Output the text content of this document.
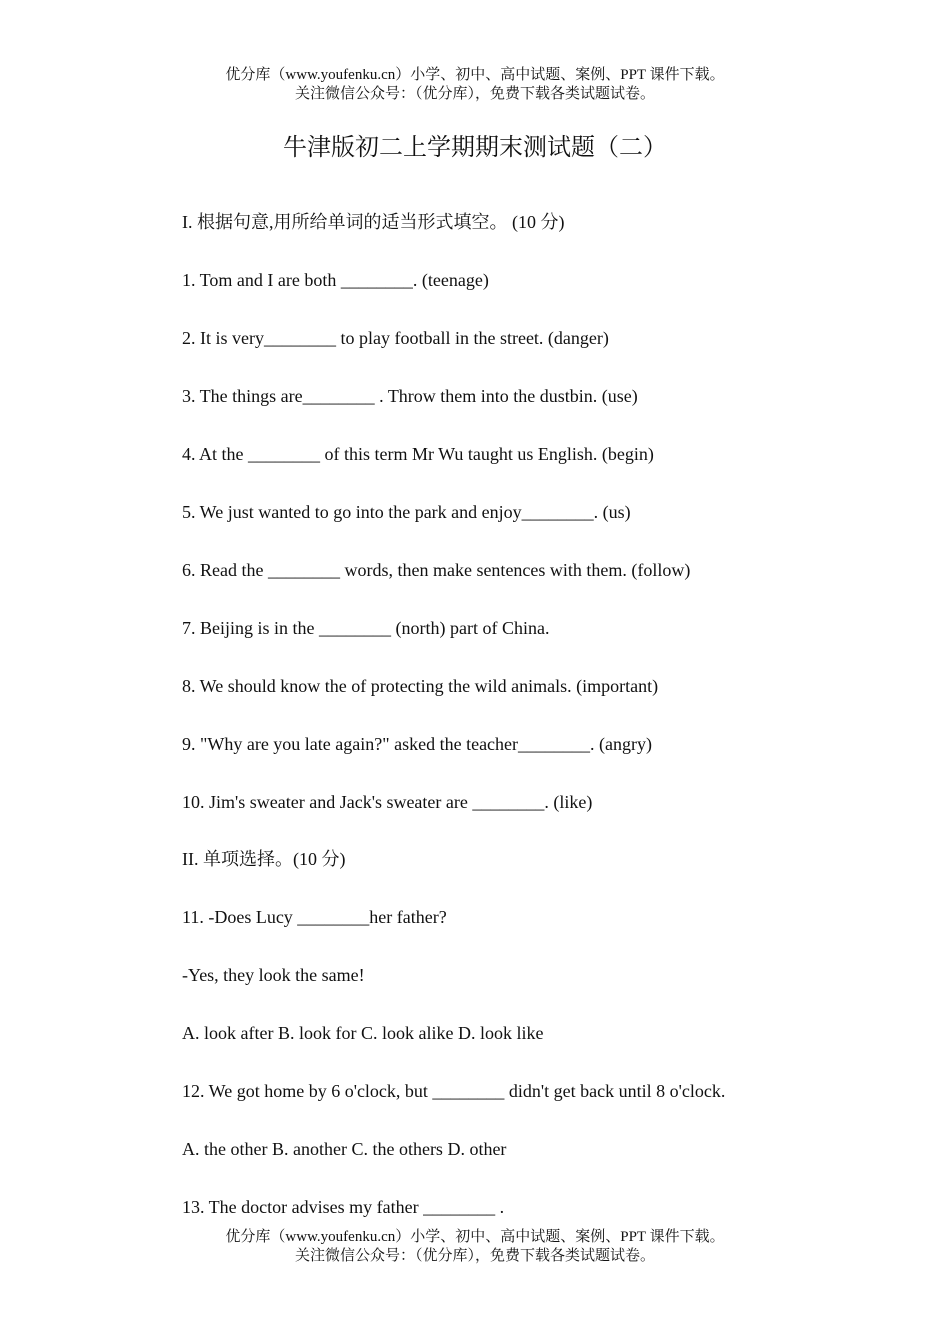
优分库（www.youfenku.cn）小学、初中、高中试题、案例、PPT 课件下载。
关注微信公众号：（优分库），免费下载各类试题试卷。
牛津版初二上学期期末测试题（二）
I. 根据句意,用所给单词的适当形式填空。 (10 分)
1. Tom and I are both ________. (teenage)
2. It is very________ to play football in the street. (danger)
3. The things are________ . Throw them into the dustbin. (use)
4. At the ________ of this term Mr Wu taught us English. (begin)
5. We just wanted to go into the park and enjoy________. (us)
6. Read the ________ words, then make sentences with them. (follow)
7. Beijing is in the ________ (north) part of China.
8. We should know the of protecting the wild animals. (important)
9. "Why are you late again?" asked the teacher________. (angry)
10. Jim's sweater and Jack's sweater are ________. (like)
II. 单项选择。(10 分)
11. -Does Lucy ________her father?
-Yes, they look the same!
A. look after B. look for C. look alike D. look like
12. We got home by 6 o'clock, but ________ didn't get back until 8 o'clock.
A. the other B. another C. the others D. other
13. The doctor advises my father ________ .
优分库（www.youfenku.cn）小学、初中、高中试题、案例、PPT 课件下载。
关注微信公众号：（优分库），免费下载各类试题试卷。
